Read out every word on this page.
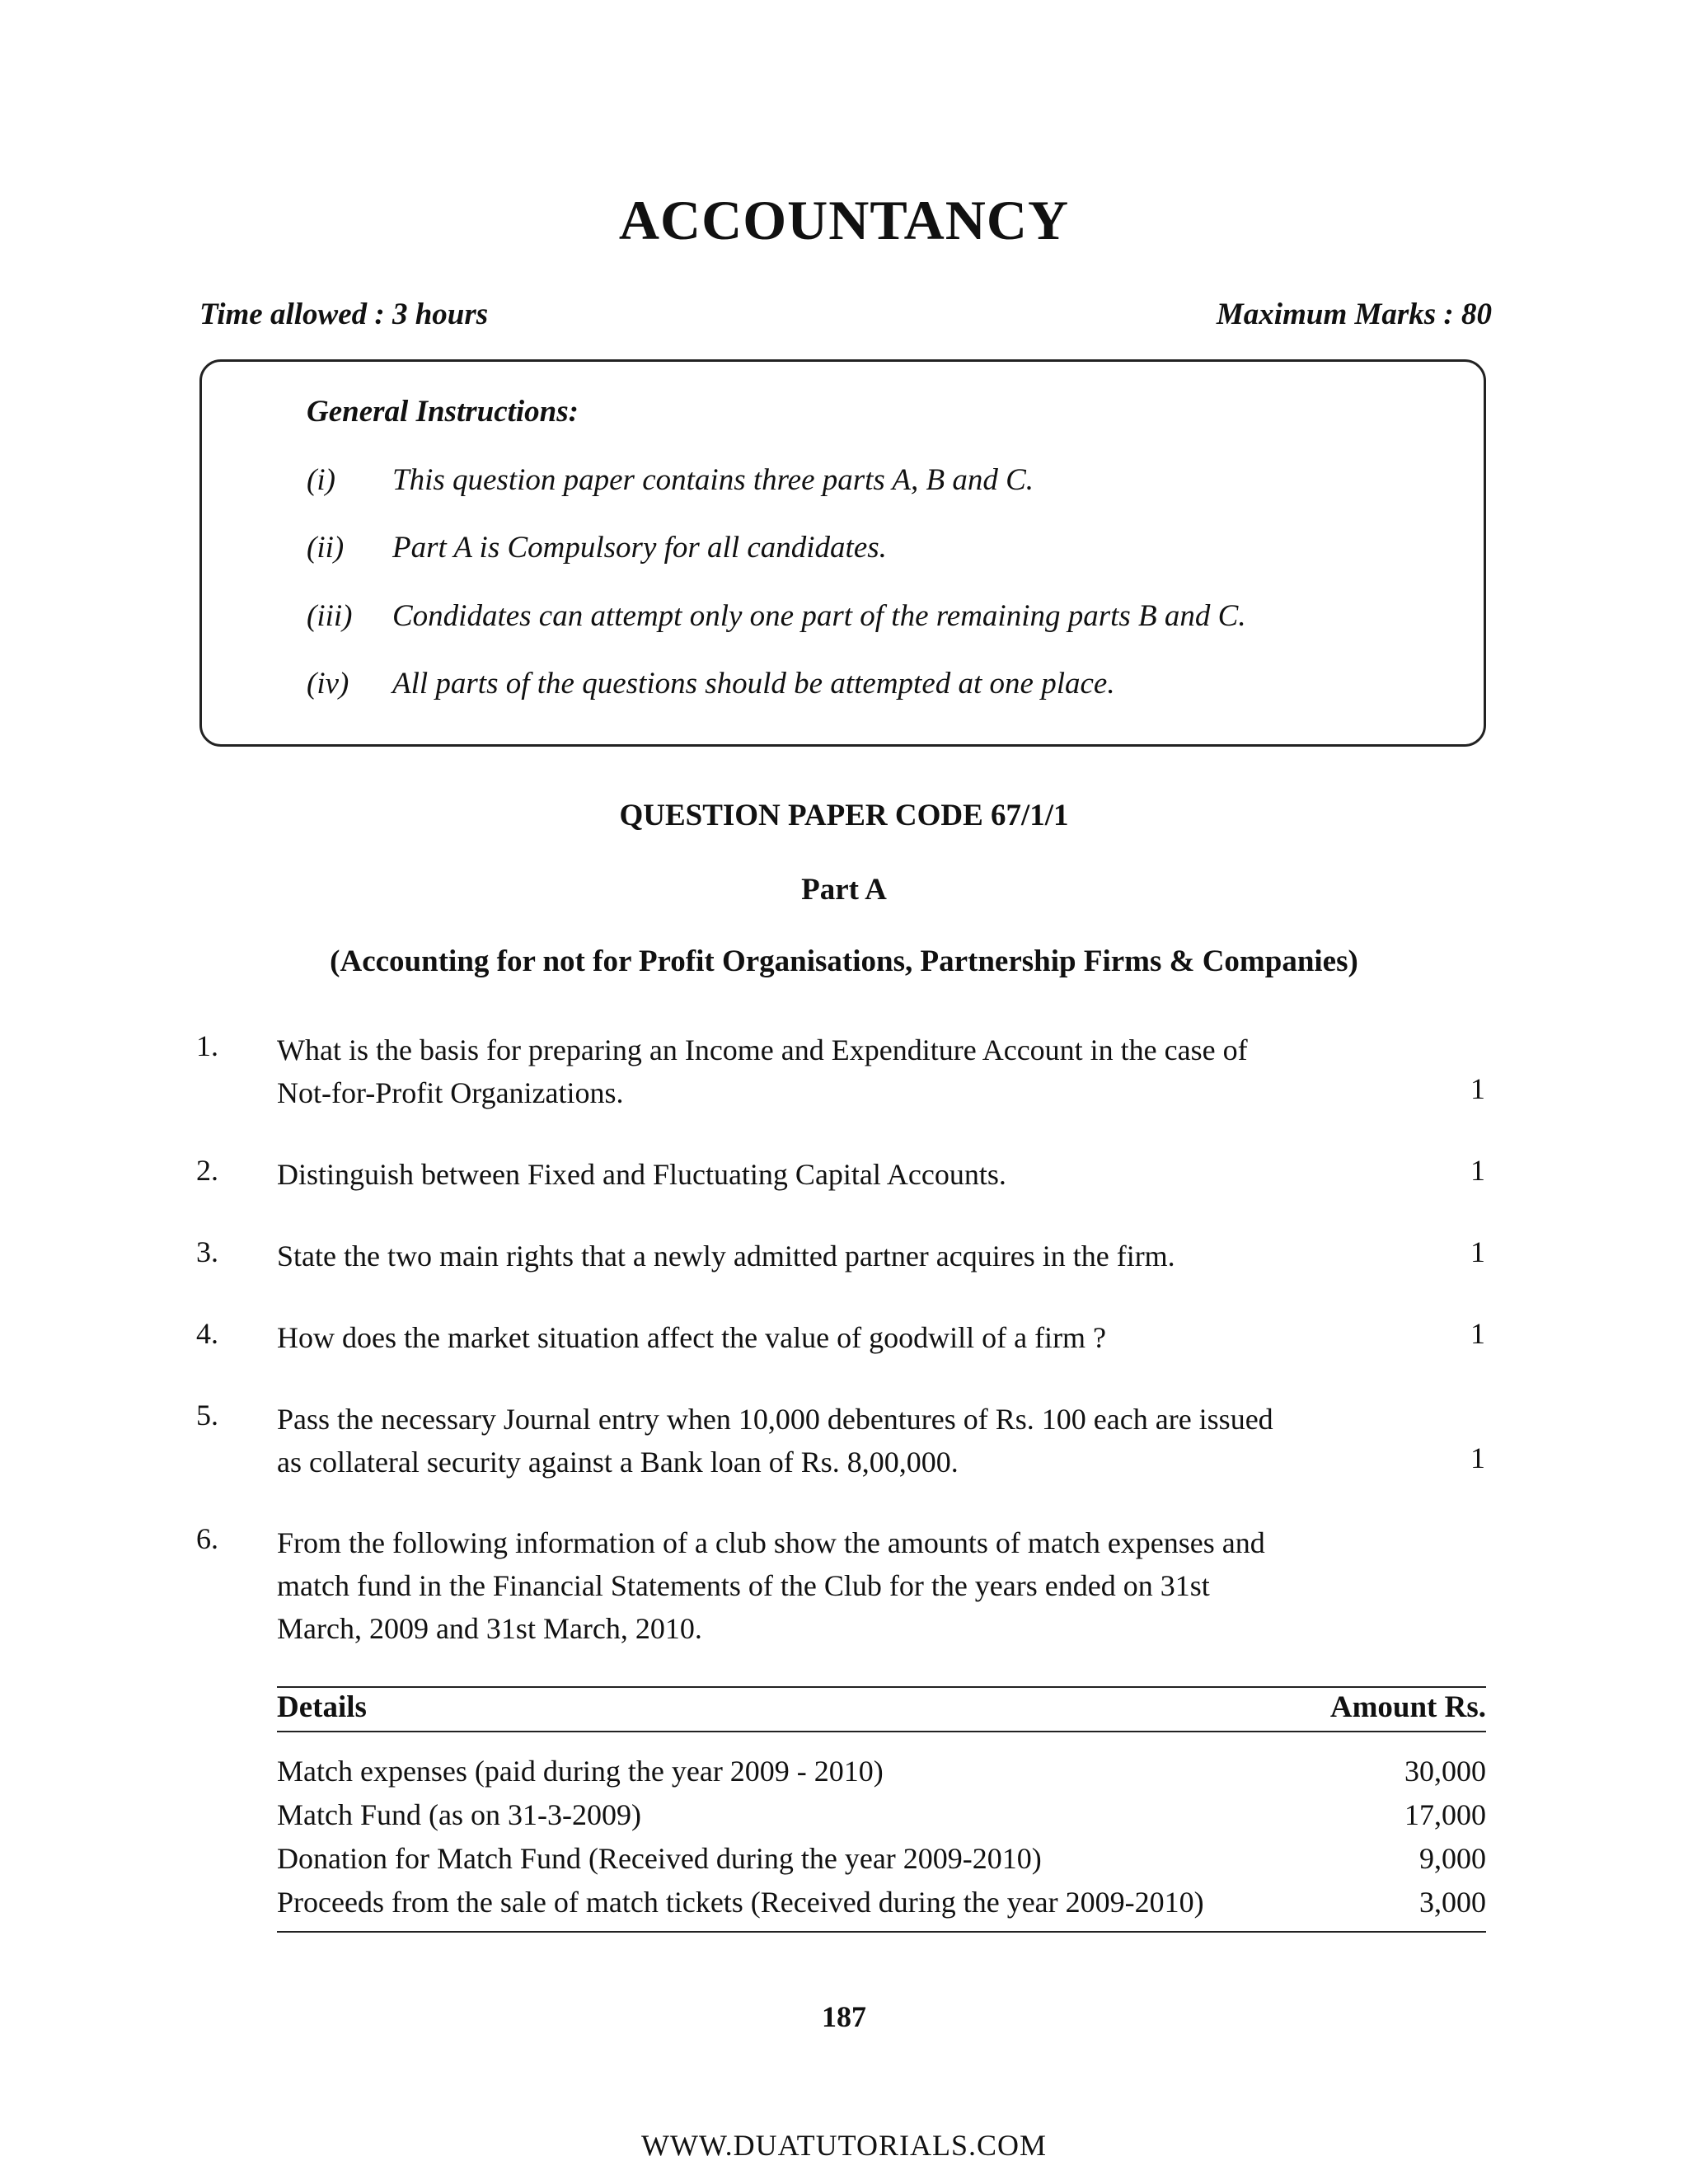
ACCOUNTANCY
Time allowed : 3 hours	Maximum Marks : 80
General Instructions:
(i) This question paper contains three parts A, B and C.
(ii) Part A is Compulsory for all candidates.
(iii) Condidates can attempt only one part of the remaining parts B and C.
(iv) All parts of the questions should be attempted at one place.
QUESTION PAPER CODE 67/1/1
Part A
(Accounting for not for Profit Organisations, Partnership Firms & Companies)
1. What is the basis for preparing an Income and Expenditure Account in the case of
Not-for-Profit Organizations.	1
2. Distinguish between Fixed and Fluctuating Capital Accounts.	1
3. State the two main rights that a newly admitted partner acquires in the firm.	1
4. How does the market situation affect the value of goodwill of a firm ?	1
5. Pass the necessary Journal entry when 10,000 debentures of Rs. 100 each are issued
as collateral security against a Bank loan of Rs. 8,00,000.	1
6. From the following information of a club show the amounts of match expenses and
match fund in the Financial Statements of the Club for the years ended on 31st
March, 2009 and 31st March, 2010.
Details	Amount Rs.
Match expenses (paid during the year 2009 - 2010)	30,000
Match Fund (as on 31-3-2009)	17,000
Donation for Match Fund (Received during the year 2009-2010)	9,000
Proceeds from the sale of match tickets (Received during the year 2009-2010)	3,000
187
WWW.DUATUTORIALS.COM
